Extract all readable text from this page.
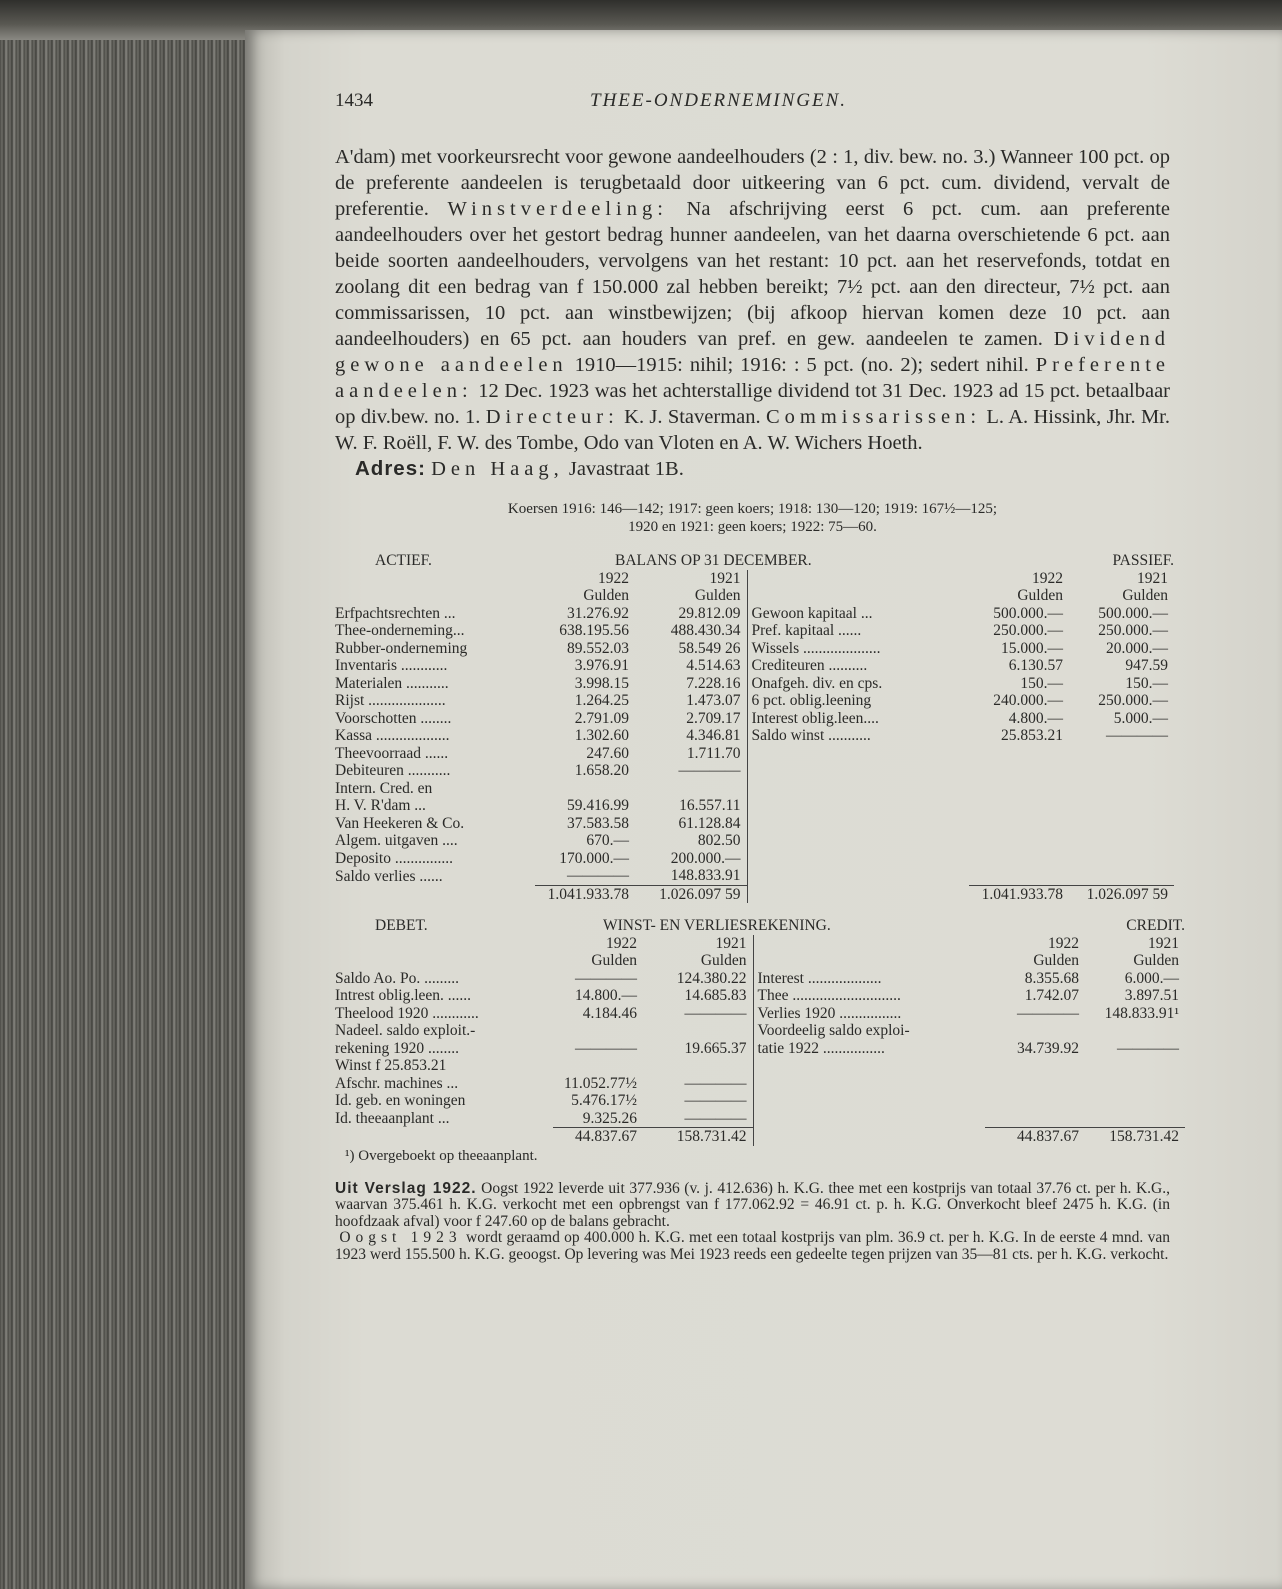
1434	THEE-ONDERNEMINGEN.
A'dam) met voorkeursrecht voor gewone aandeelhouders (2 : 1, div. bew. no. 3.) Wanneer 100 pct. op de preferente aandeelen is terugbetaald door uitkeering van 6 pct. cum. dividend, vervalt de preferentie. Winstverdeeling: Na afschrijving eerst 6 pct. cum. aan preferente aandeelhouders over het gestort bedrag hunner aandeelen, van het daarna overschietende 6 pct. aan beide soorten aandeelhouders, vervolgens van het restant: 10 pct. aan het reservefonds, totdat en zoolang dit een bedrag van f 150.000 zal hebben bereikt; 7½ pct. aan den directeur, 7½ pct. aan commissarissen, 10 pct. aan winstbewijzen; (bij afkoop hiervan komen deze 10 pct. aan aandeelhouders) en 65 pct. aan houders van pref. en gew. aandeelen te zamen. Dividend gewone aandeelen 1910—1915: nihil; 1916: : 5 pct. (no. 2); sedert nihil. Preferente aandeelen: 12 Dec. 1923 was het achterstallige dividend tot 31 Dec. 1923 ad 15 pct. betaalbaar op div.bew. no. 1. Directeur: K. J. Staverman. Commissarissen: L. A. Hissink, Jhr. Mr. W. F. Roëll, F. W. des Tombe, Odo van Vloten en A. W. Wichers Hoeth.
Adres: Den Haag, Javastraat 1B.
Koersen 1916: 146—142; 1917: geen koers; 1918: 130—120; 1919: 167½—125;
1920 en 1921: geen koers; 1922: 75—60.
ACTIEF.	BALANS OP 31 DECEMBER.				PASSIEF.
	1922	1921		1922	1921
	Gulden	Gulden		Gulden	Gulden
Erfpachtsrechten ...	31.276.92	29.812.09	Gewoon kapitaal ...	500.000.—	500.000.—
Thee-onderneming...	638.195.56	488.430.34	Pref. kapitaal ......	250.000.—	250.000.—
Rubber-onderneming	89.552.03	58.549 26	Wissels ....................	15.000.—	20.000.—
Inventaris ............	3.976.91	4.514.63	Crediteuren ..........	6.130.57	947.59
Materialen ...........	3.998.15	7.228.16	Onafgeh. div. en cps.	150.—	150.—
Rijst ....................	1.264.25	1.473.07	6 pct. oblig.leening	240.000.—	250.000.—
Voorschotten ........	2.791.09	2.709.17	Interest oblig.leen....	4.800.—	5.000.—
Kassa ...................	1.302.60	4.346.81	Saldo winst ...........	25.853.21	————
Theevoorraad ......	247.60	1.711.70			
Debiteuren ...........	1.658.20	————			
Intern. Cred. en					
H. V. R'dam ...	59.416.99	16.557.11			
Van Heekeren & Co.	37.583.58	61.128.84			
Algem. uitgaven ....	670.—	802.50			
Deposito ...............	170.000.—	200.000.—			
Saldo verlies ......	————	148.833.91			
	1.041.933.78	1.026.097 59		1.041.933.78	1.026.097 59
DEBET.	WINST- EN VERLIESREKENING.				CREDIT.
	1922	1921		1922	1921
	Gulden	Gulden		Gulden	Gulden
Saldo Ao. Po. .........	————	124.380.22	Interest ...................	8.355.68	6.000.—
Intrest oblig.leen. ......	14.800.—	14.685.83	Thee ............................	1.742.07	3.897.51
Theelood 1920 ............	4.184.46	————	Verlies 1920 ................	————	148.833.91¹
Nadeel. saldo exploit.-			Voordeelig saldo exploi-		
rekening 1920 ........	————	19.665.37	tatie 1922 ................	34.739.92	————
Winst f 25.853.21					
Afschr. machines ...	11.052.77½	————			
Id. geb. en woningen	5.476.17½	————			
Id. theeaanplant ...	9.325.26	————			
	44.837.67	158.731.42		44.837.67	158.731.42
¹) Overgeboekt op theeaanplant.
Uit Verslag 1922. Oogst 1922 leverde uit 377.936 (v. j. 412.636) h. K.G. thee met een kostprijs van totaal 37.76 ct. per h. K.G., waarvan 375.461 h. K.G. verkocht met een opbrengst van f 177.062.92 = 46.91 ct. p. h. K.G. Onverkocht bleef 2475 h. K.G. (in hoofdzaak afval) voor f 247.60 op de balans gebracht.
Oogst 1923 wordt geraamd op 400.000 h. K.G. met een totaal kostprijs van plm. 36.9 ct. per h. K.G. In de eerste 4 mnd. van 1923 werd 155.500 h. K.G. geoogst. Op levering was Mei 1923 reeds een gedeelte tegen prijzen van 35—81 cts. per h. K.G. verkocht.
